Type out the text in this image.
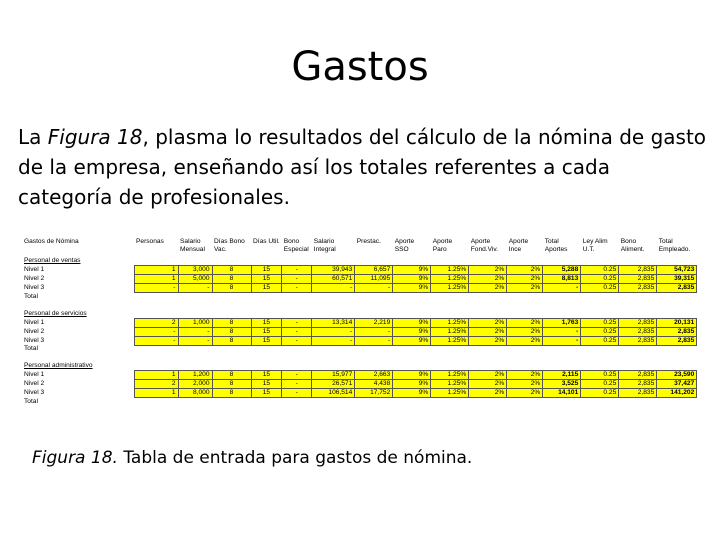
Gastos
La Figura 18, plasma lo resultados del cálculo de la nómina de gasto de la empresa, enseñando así los totales referentes a cada categoría de profesionales.
Gastos de Nómina	Personas	Salario	Días Bono	Días Util.	Bono	Salario	Prestac.	Aporte	Aporte	Aporte	Aporte	Total	Ley Alim	Bono	Total
		Mensual	Vac.		Especial	Integral		SSO	Paro	Fond.Viv.	Ince	Aportes	U.T.	Aliment.	Empleado.
Personal de ventas															
Nivel 1	1	3,000	8	15	-	39,943	6,657	9%	1.25%	2%	2%	5,288	0.25	2,835	54,723
Nivel 2	1	5,000	8	15	-	60,571	11,095	9%	1.25%	2%	2%	8,813	0.25	2,835	39,315
Nivel 3	-	-	8	15	-	-	-	9%	1.25%	2%	2%	-	0.25	2,835	2,835
Total															
Personal de servicios															
Nivel 1	2	1,000	8	15	-	13,314	2,219	9%	1.25%	2%	2%	1,763	0.25	2,835	20,131
Nivel 2	-	-	8	15	-	-	-	9%	1.25%	2%	2%	-	0.25	2,835	2,835
Nivel 3	-	-	8	15	-	-	-	9%	1.25%	2%	2%	-	0.25	2,835	2,835
Total															
Personal administrativo															
Nivel 1	1	1,200	8	15	-	15,977	2,663	9%	1.25%	2%	2%	2,115	0.25	2,835	23,590
Nivel 2	2	2,000	8	15	-	26,571	4,438	9%	1.25%	2%	2%	3,525	0.25	2,835	37,427
Nivel 3	1	8,000	8	15	-	106,514	17,752	9%	1.25%	2%	2%	14,101	0.25	2,835	141,202
Total															
Figura 18. Tabla de entrada para gastos de nómina.
